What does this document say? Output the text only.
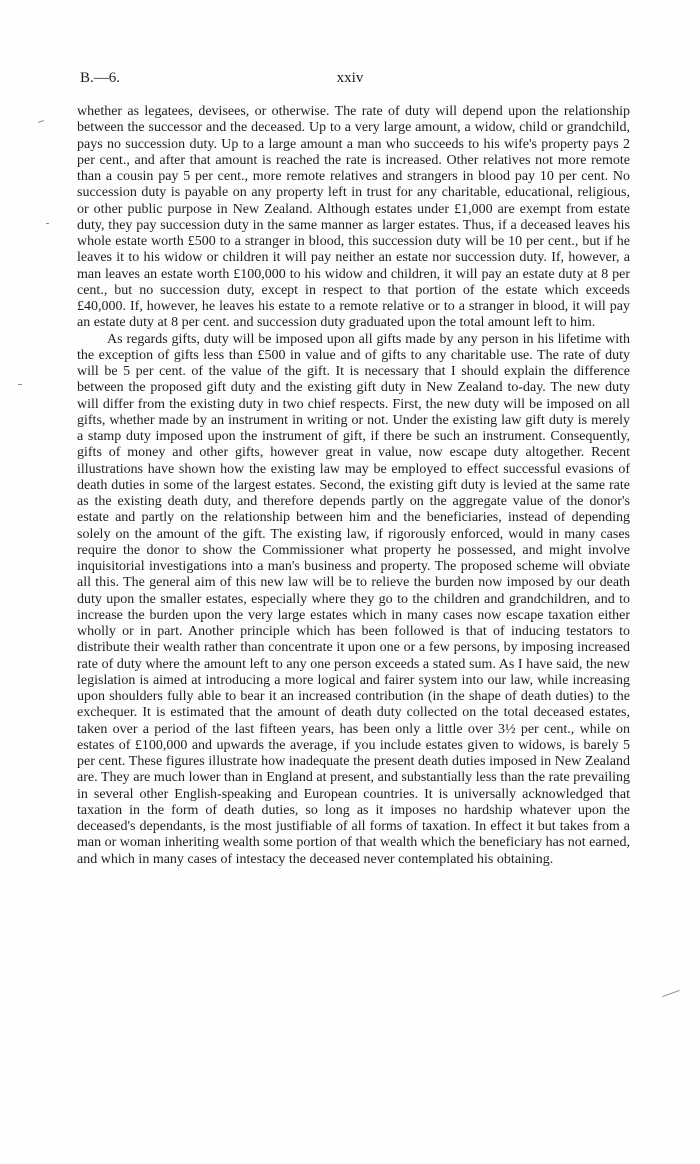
B.—6.	xxiv

whether as legatees, devisees, or otherwise. The rate of duty will depend upon the relationship between the successor and the deceased. Up to a very large amount, a widow, child or grandchild, pays no succession duty. Up to a large amount a man who succeeds to his wife's property pays 2 per cent., and after that amount is reached the rate is increased. Other relatives not more remote than a cousin pay 5 per cent., more remote relatives and strangers in blood pay 10 per cent. No succession duty is payable on any property left in trust for any charitable, educational, religious, or other public purpose in New Zealand. Although estates under £1,000 are exempt from estate duty, they pay succession duty in the same manner as larger estates. Thus, if a deceased leaves his whole estate worth £500 to a stranger in blood, this succession duty will be 10 per cent., but if he leaves it to his widow or children it will pay neither an estate nor succession duty. If, however, a man leaves an estate worth £100,000 to his widow and children, it will pay an estate duty at 8 per cent., but no succession duty, except in respect to that portion of the estate which exceeds £40,000. If, however, he leaves his estate to a remote relative or to a stranger in blood, it will pay an estate duty at 8 per cent. and succession duty graduated upon the total amount left to him.

As regards gifts, duty will be imposed upon all gifts made by any person in his lifetime with the exception of gifts less than £500 in value and of gifts to any charitable use. The rate of duty will be 5 per cent. of the value of the gift. It is necessary that I should explain the difference between the proposed gift duty and the existing gift duty in New Zealand to-day. The new duty will differ from the existing duty in two chief respects. First, the new duty will be imposed on all gifts, whether made by an instrument in writing or not. Under the existing law gift duty is merely a stamp duty imposed upon the instrument of gift, if there be such an instrument. Consequently, gifts of money and other gifts, however great in value, now escape duty altogether. Recent illustrations have shown how the existing law may be employed to effect successful evasions of death duties in some of the largest estates. Second, the existing gift duty is levied at the same rate as the existing death duty, and therefore depends partly on the aggregate value of the donor's estate and partly on the relationship between him and the beneficiaries, instead of depending solely on the amount of the gift. The existing law, if rigorously enforced, would in many cases require the donor to show the Commissioner what property he possessed, and might involve inquisitorial investigations into a man's business and property. The proposed scheme will obviate all this. The general aim of this new law will be to relieve the burden now imposed by our death duty upon the smaller estates, especially where they go to the children and grandchildren, and to increase the burden upon the very large estates which in many cases now escape taxation either wholly or in part. Another principle which has been followed is that of inducing testators to distribute their wealth rather than concentrate it upon one or a few persons, by imposing increased rate of duty where the amount left to any one person exceeds a stated sum. As I have said, the new legislation is aimed at introducing a more logical and fairer system into our law, while increasing upon shoulders fully able to bear it an increased contribution (in the shape of death duties) to the exchequer. It is estimated that the amount of death duty collected on the total deceased estates, taken over a period of the last fifteen years, has been only a little over 3½ per cent., while on estates of £100,000 and upwards the average, if you include estates given to widows, is barely 5 per cent. These figures illustrate how inadequate the present death duties imposed in New Zealand are. They are much lower than in England at present, and substantially less than the rate prevailing in several other English-speaking and European countries. It is universally acknowledged that taxation in the form of death duties, so long as it imposes no hardship whatever upon the deceased's dependants, is the most justifiable of all forms of taxation. In effect it but takes from a man or woman inheriting wealth some portion of that wealth which the beneficiary has not earned, and which in many cases of intestacy the deceased never contemplated his obtaining.
